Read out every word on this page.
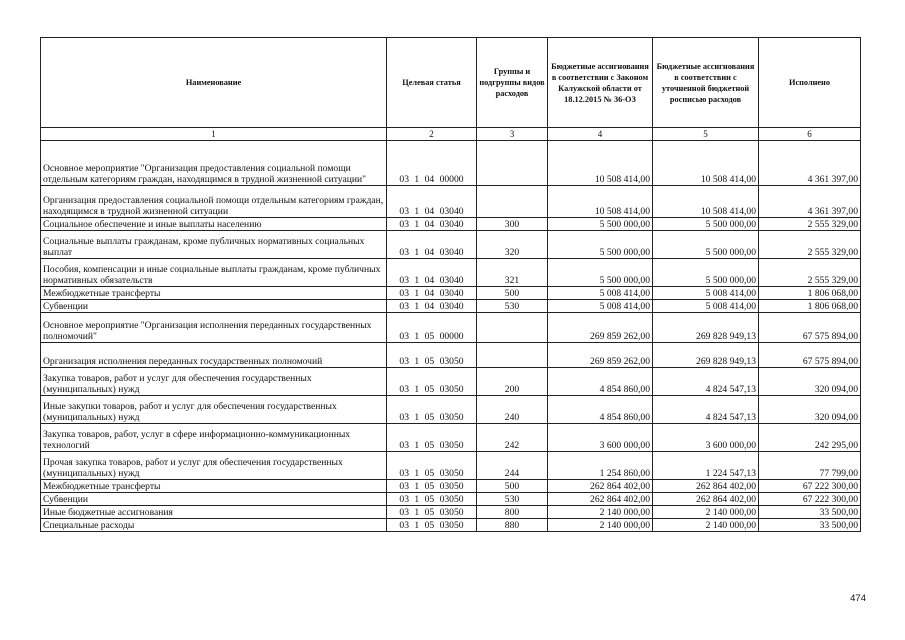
Наименование	Целевая статья	Группы и подгруппы видов расходов	Бюджетные ассигнования в соответствии с Законом Калужской области от 18.12.2015 № 36-ОЗ	Бюджетные ассигнования в соответствии с уточненной бюджетной росписью расходов	Исполнено
1	2	3	4	5	6
Основное мероприятие "Организация предоставления социальной помощи отдельным категориям граждан, находящимся в трудной жизненной ситуации"	03 1 04 00000		10 508 414,00	10 508 414,00	4 361 397,00
Организация предоставления социальной помощи отдельным категориям граждан, находящимся в трудной жизненной ситуации	03 1 04 03040		10 508 414,00	10 508 414,00	4 361 397,00
Социальное обеспечение и иные выплаты населению	03 1 04 03040	300	5 500 000,00	5 500 000,00	2 555 329,00
Социальные выплаты гражданам, кроме публичных нормативных социальных выплат	03 1 04 03040	320	5 500 000,00	5 500 000,00	2 555 329,00
Пособия, компенсации и иные социальные выплаты гражданам, кроме публичных нормативных обязательств	03 1 04 03040	321	5 500 000,00	5 500 000,00	2 555 329,00
Межбюджетные трансферты	03 1 04 03040	500	5 008 414,00	5 008 414,00	1 806 068,00
Субвенции	03 1 04 03040	530	5 008 414,00	5 008 414,00	1 806 068,00
Основное мероприятие "Организация исполнения переданных государственных полномочий"	03 1 05 00000		269 859 262,00	269 828 949,13	67 575 894,00
Организация исполнения переданных государственных полномочий	03 1 05 03050		269 859 262,00	269 828 949,13	67 575 894,00
Закупка товаров, работ и услуг для обеспечения государственных (муниципальных) нужд	03 1 05 03050	200	4 854 860,00	4 824 547,13	320 094,00
Иные закупки товаров, работ и услуг для обеспечения государственных (муниципальных) нужд	03 1 05 03050	240	4 854 860,00	4 824 547,13	320 094,00
Закупка товаров, работ, услуг в сфере информационно-коммуникационных технологий	03 1 05 03050	242	3 600 000,00	3 600 000,00	242 295,00
Прочая закупка товаров, работ и услуг для обеспечения государственных (муниципальных) нужд	03 1 05 03050	244	1 254 860,00	1 224 547,13	77 799,00
Межбюджетные трансферты	03 1 05 03050	500	262 864 402,00	262 864 402,00	67 222 300,00
Субвенции	03 1 05 03050	530	262 864 402,00	262 864 402,00	67 222 300,00
Иные бюджетные ассигнования	03 1 05 03050	800	2 140 000,00	2 140 000,00	33 500,00
Специальные расходы	03 1 05 03050	880	2 140 000,00	2 140 000,00	33 500,00
474
